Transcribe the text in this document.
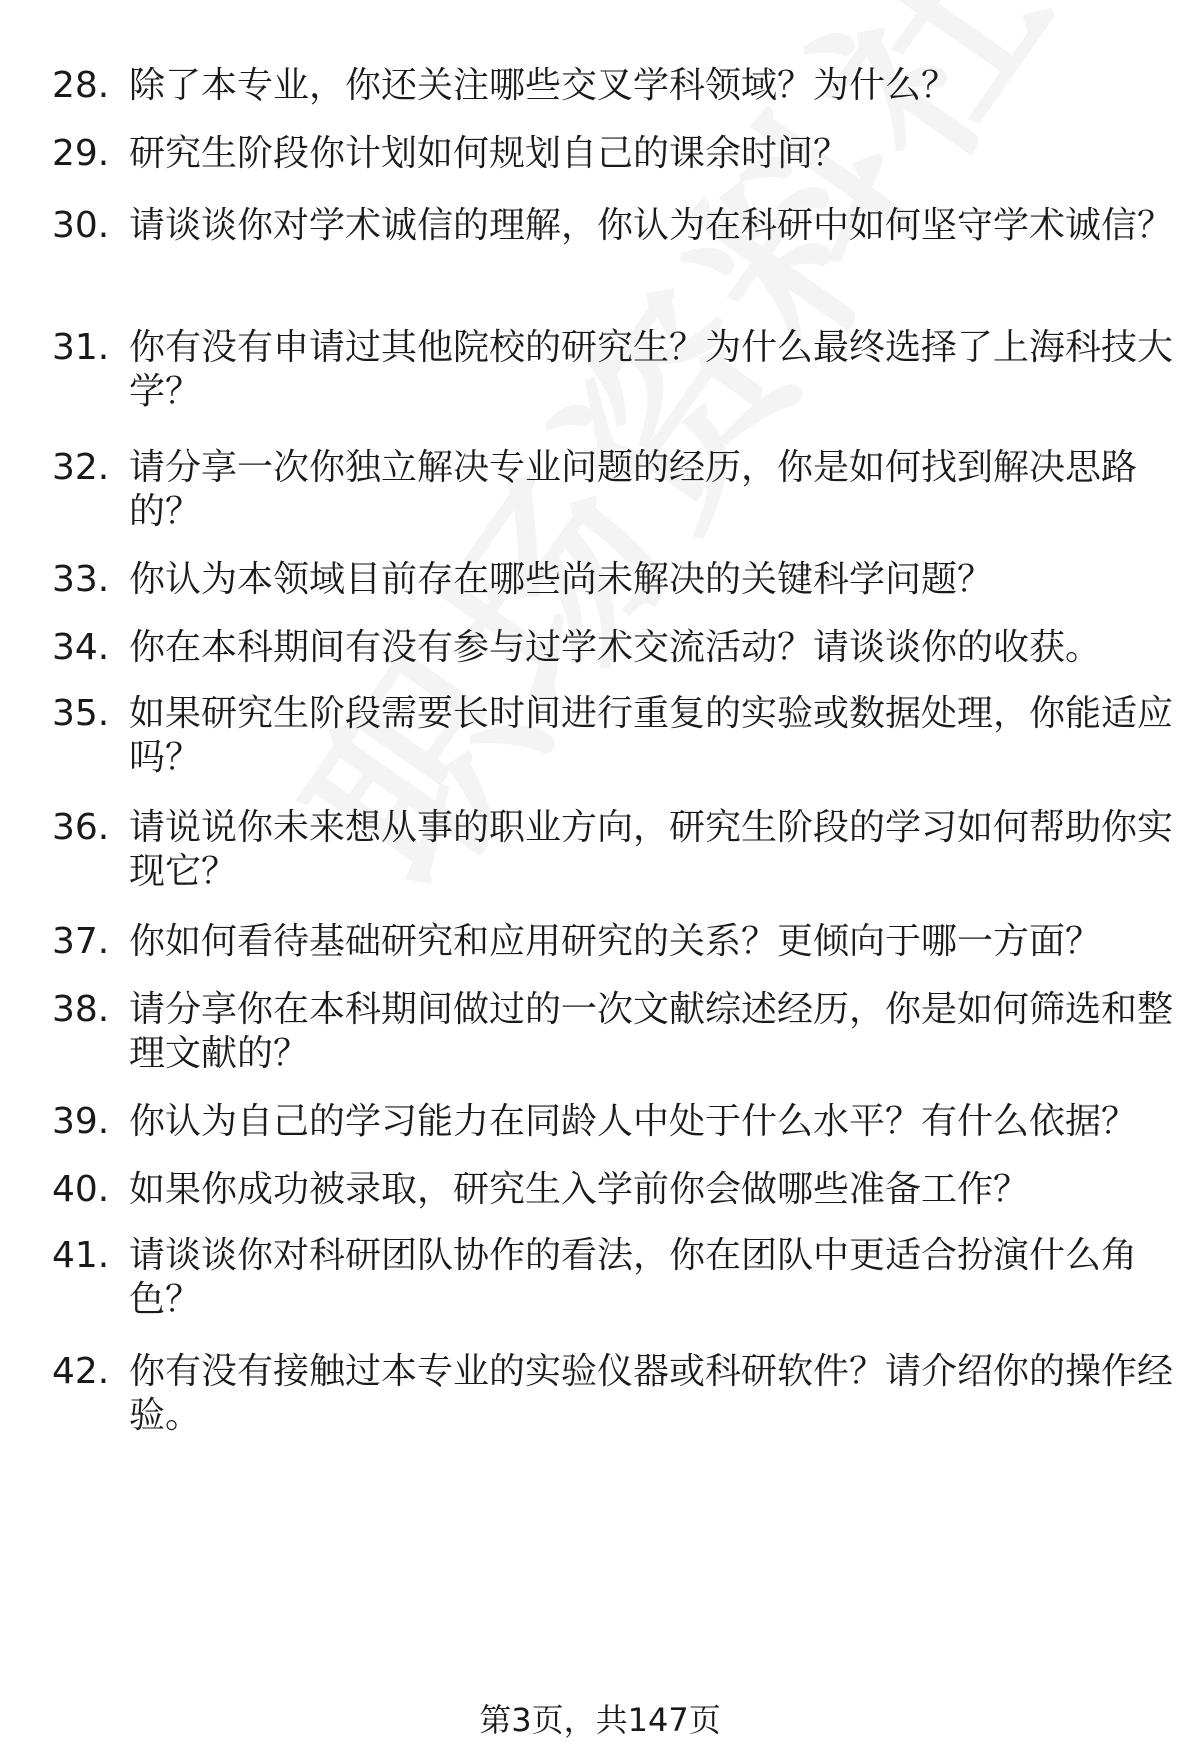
28. 除了本专业，你还关注哪些交叉学科领域？为什么？
29. 研究生阶段你计划如何规划自己的课余时间？
30. 请谈谈你对学术诚信的理解，你认为在科研中如何坚守学术诚信？
31. 你有没有申请过其他院校的研究生？为什么最终选择了上海科技大学？
32. 请分享一次你独立解决专业问题的经历，你是如何找到解决思路的？
33. 你认为本领域目前存在哪些尚未解决的关键科学问题？
34. 你在本科期间有没有参与过学术交流活动？请谈谈你的收获。
35. 如果研究生阶段需要长时间进行重复的实验或数据处理，你能适应吗？
36. 请说说你未来想从事的职业方向，研究生阶段的学习如何帮助你实现它？
37. 你如何看待基础研究和应用研究的关系？更倾向于哪一方面？
38. 请分享你在本科期间做过的一次文献综述经历，你是如何筛选和整理文献的？
39. 你认为自己的学习能力在同龄人中处于什么水平？有什么依据？
40. 如果你成功被录取，研究生入学前你会做哪些准备工作？
41. 请谈谈你对科研团队协作的看法，你在团队中更适合扮演什么角色？
42. 你有没有接触过本专业的实验仪器或科研软件？请介绍你的操作经验。
第3页，共147页
